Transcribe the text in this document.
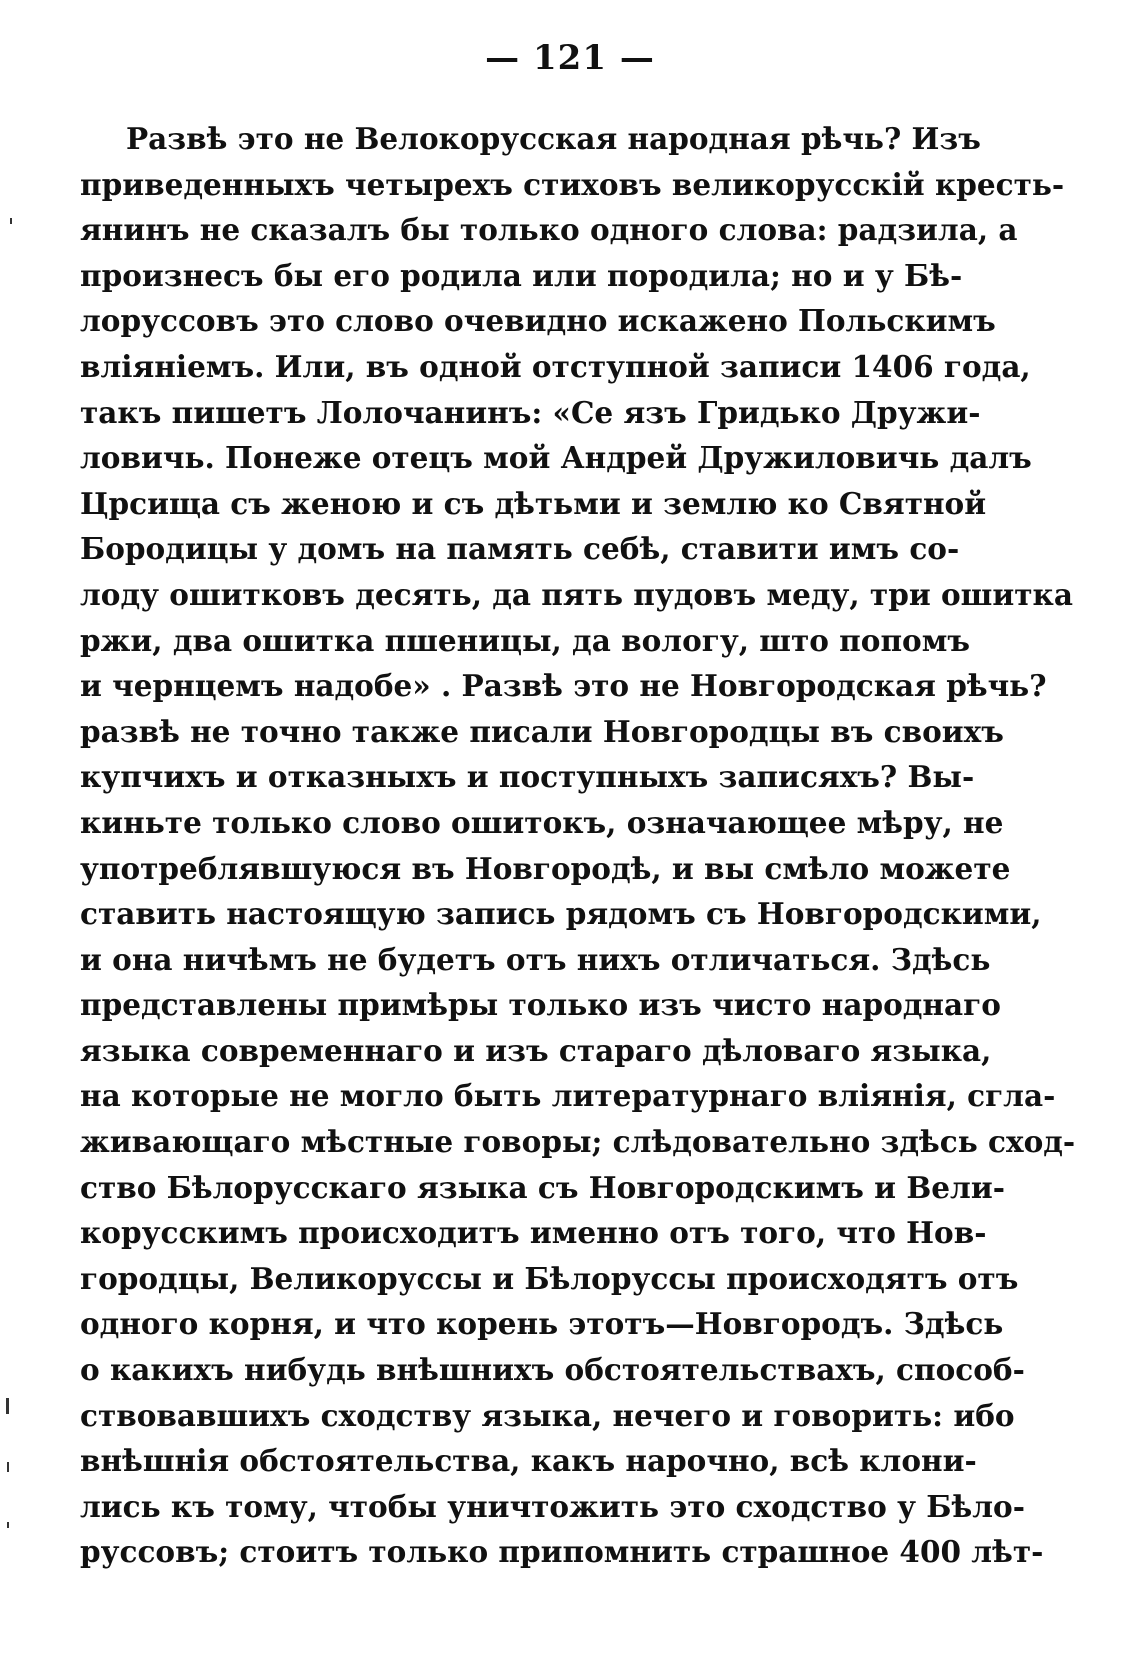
— 121 —
Развѣ это не Велокорусская народная рѣчь? Изъ
приведенныхъ четырехъ стиховъ великорусскій кресть-
янинъ не сказалъ бы только одного слова: радзила, а
произнесъ бы его родила или породила; но и у Бѣ-
лоруссовъ это слово очевидно искажено Польскимъ
вліяніемъ. Или, въ одной отступной записи 1406 года,
такъ пишетъ Лолочанинъ: «Се язъ Гридько Дружи-
ловичь. Понеже отецъ мой Андрей Дружиловичь далъ
Црсища съ женою и съ дѣтьми и землю ко Святной
Бородицы у домъ на память себѣ, ставити имъ со-
лоду ошитковъ десять, да пять пудовъ меду, три ошитка
ржи, два ошитка пшеницы, да вологу, што попомъ
и чернцемъ надобе» . Развѣ это не Новгородская рѣчь?
развѣ не точно также писали Новгородцы въ своихъ
купчихъ и отказныхъ и поступныхъ записяхъ? Вы-
киньте только слово ошитокъ, означающее мѣру, не
употреблявшуюся въ Новгородѣ, и вы смѣло можете
ставить настоящую запись рядомъ съ Новгородскими,
и она ничѣмъ не будетъ отъ нихъ отличаться. Здѣсь
представлены примѣры только изъ чисто народнаго
языка современнаго и изъ стараго дѣловаго языка,
на которые не могло быть литературнаго вліянія, сгла-
живающаго мѣстные говоры; слѣдовательно здѣсь сход-
ство Бѣлорусскаго языка съ Новгородскимъ и Вели-
корусскимъ происходитъ именно отъ того, что Нов-
городцы, Великоруссы и Бѣлоруссы происходятъ отъ
одного корня, и что корень этотъ—Новгородъ. Здѣсь
о какихъ нибудь внѣшнихъ обстоятельствахъ, способ-
ствовавшихъ сходству языка, нечего и говорить: ибо
внѣшнія обстоятельства, какъ нарочно, всѣ клони-
лись къ тому, чтобы уничтожить это сходство у Бѣло-
руссовъ; стоитъ только припомнить страшное 400 лѣт-
